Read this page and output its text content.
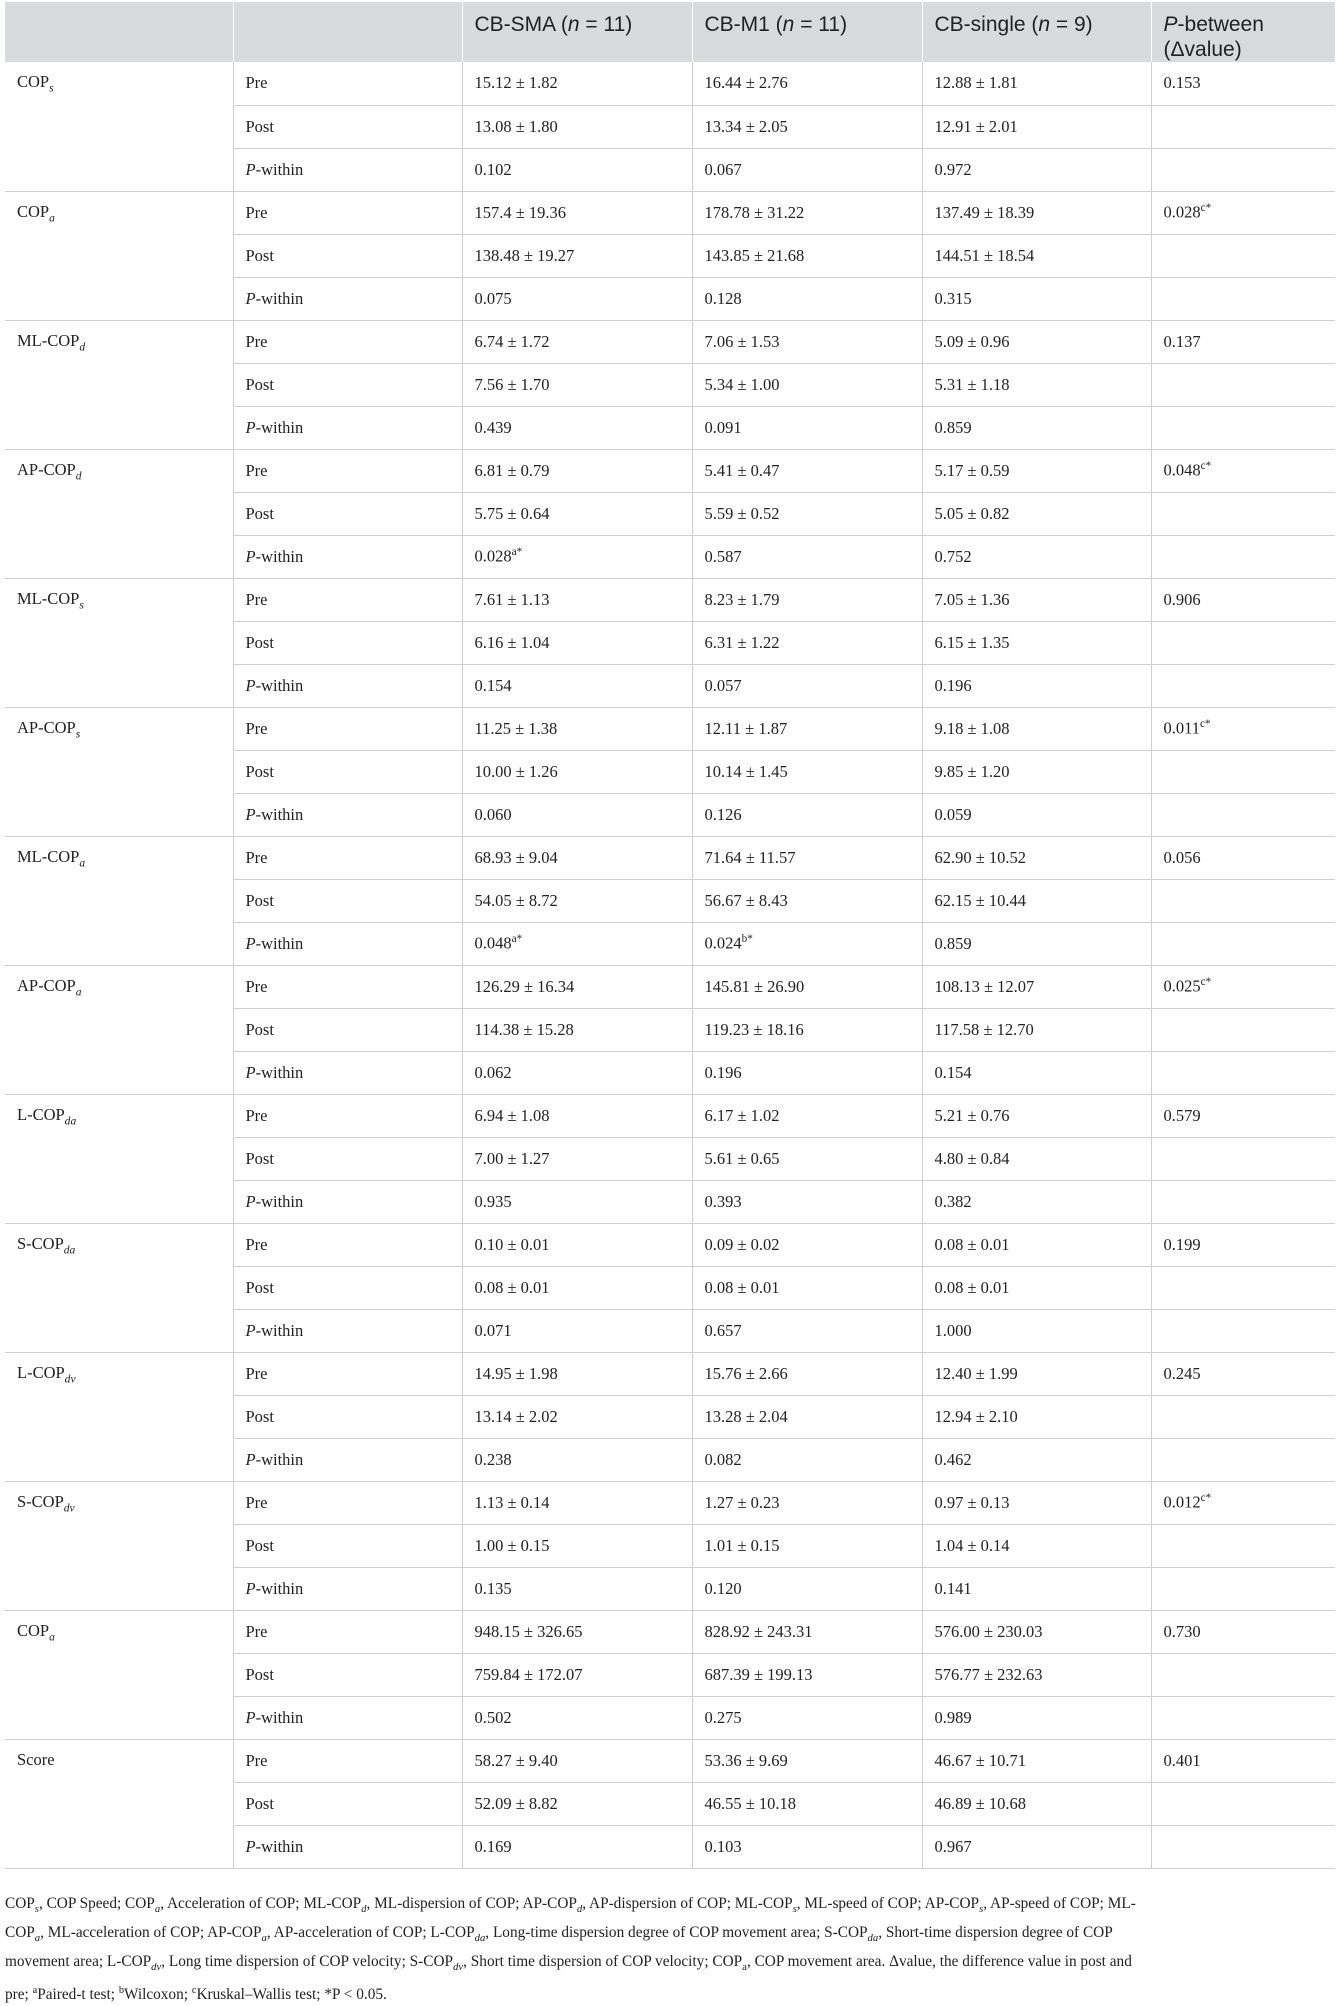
		CB-SMA (n = 11)	CB-M1 (n = 11)	CB-single (n = 9)	P-between
(Δvalue)
$COP_s$	Pre	15.12 ± 1.82	16.44 ± 2.76	12.88 ± 1.81	0.153
	Post	13.08 ± 1.80	13.34 ± 2.05	12.91 ± 2.01	
	P-within	0.102	0.067	0.972	
$COP_a$	Pre	157.4 ± 19.36	178.78 ± 31.22	137.49 ± 18.39	$0.028^{c*}$
	Post	138.48 ± 19.27	143.85 ± 21.68	144.51 ± 18.54	
	P-within	0.075	0.128	0.315	
$ML-COP_d$	Pre	6.74 ± 1.72	7.06 ± 1.53	5.09 ± 0.96	0.137
	Post	7.56 ± 1.70	5.34 ± 1.00	5.31 ± 1.18	
	P-within	0.439	0.091	0.859	
$AP-COP_d$	Pre	6.81 ± 0.79	5.41 ± 0.47	5.17 ± 0.59	$0.048^{c*}$
	Post	5.75 ± 0.64	5.59 ± 0.52	5.05 ± 0.82	
	P-within	$0.028^{a*}$	0.587	0.752	
$ML-COP_s$	Pre	7.61 ± 1.13	8.23 ± 1.79	7.05 ± 1.36	0.906
	Post	6.16 ± 1.04	6.31 ± 1.22	6.15 ± 1.35	
	P-within	0.154	0.057	0.196	
$AP-COP_s$	Pre	11.25 ± 1.38	12.11 ± 1.87	9.18 ± 1.08	$0.011^{c*}$
	Post	10.00 ± 1.26	10.14 ± 1.45	9.85 ± 1.20	
	P-within	0.060	0.126	0.059	
$ML-COP_a$	Pre	68.93 ± 9.04	71.64 ± 11.57	62.90 ± 10.52	0.056
	Post	54.05 ± 8.72	56.67 ± 8.43	62.15 ± 10.44	
	P-within	$0.048^{a*}$	$0.024^{b*}$	0.859	
$AP-COP_a$	Pre	126.29 ± 16.34	145.81 ± 26.90	108.13 ± 12.07	$0.025^{c*}$
	Post	114.38 ± 15.28	119.23 ± 18.16	117.58 ± 12.70	
	P-within	0.062	0.196	0.154	
$L-COP_{da}$	Pre	6.94 ± 1.08	6.17 ± 1.02	5.21 ± 0.76	0.579
	Post	7.00 ± 1.27	5.61 ± 0.65	4.80 ± 0.84	
	P-within	0.935	0.393	0.382	
$S-COP_{da}$	Pre	0.10 ± 0.01	0.09 ± 0.02	0.08 ± 0.01	0.199
	Post	0.08 ± 0.01	0.08 ± 0.01	0.08 ± 0.01	
	P-within	0.071	0.657	1.000	
$L-COP_{dv}$	Pre	14.95 ± 1.98	15.76 ± 2.66	12.40 ± 1.99	0.245
	Post	13.14 ± 2.02	13.28 ± 2.04	12.94 ± 2.10	
	P-within	0.238	0.082	0.462	
$S-COP_{dv}$	Pre	1.13 ± 0.14	1.27 ± 0.23	0.97 ± 0.13	$0.012^{c*}$
	Post	1.00 ± 0.15	1.01 ± 0.15	1.04 ± 0.14	
	P-within	0.135	0.120	0.141	
$COP_a$	Pre	948.15 ± 326.65	828.92 ± 243.31	576.00 ± 230.03	0.730
	Post	759.84 ± 172.07	687.39 ± 199.13	576.77 ± 232.63	
	P-within	0.502	0.275	0.989	
Score	Pre	58.27 ± 9.40	53.36 ± 9.69	46.67 ± 10.71	0.401
	Post	52.09 ± 8.82	46.55 ± 10.18	46.89 ± 10.68	
	P-within	0.169	0.103	0.967	
$COP_s$, COP Speed; $COP_a$, Acceleration of COP; $ML-COP_d$, ML-dispersion of COP; $AP-COP_d$, AP-dispersion of COP; $ML-COP_s$, ML-speed of COP; $AP-COP_s$, AP-speed of COP; ML-
$COP_a$, ML-acceleration of COP; $AP-COP_a$, AP-acceleration of COP; $L-COP_{da}$, Long-time dispersion degree of COP movement area; $S-COP_{da}$, Short-time dispersion degree of COP
movement area; $L-COP_{dv}$, Long time dispersion of COP velocity; $S-COP_{dv}$, Short time dispersion of COP velocity; $COP_a$, COP movement area. Δvalue, the difference value in post and
pre; $^a$Paired-t test; $^b$Wilcoxon; $^c$Kruskal–Wallis test; *P < 0.05.
